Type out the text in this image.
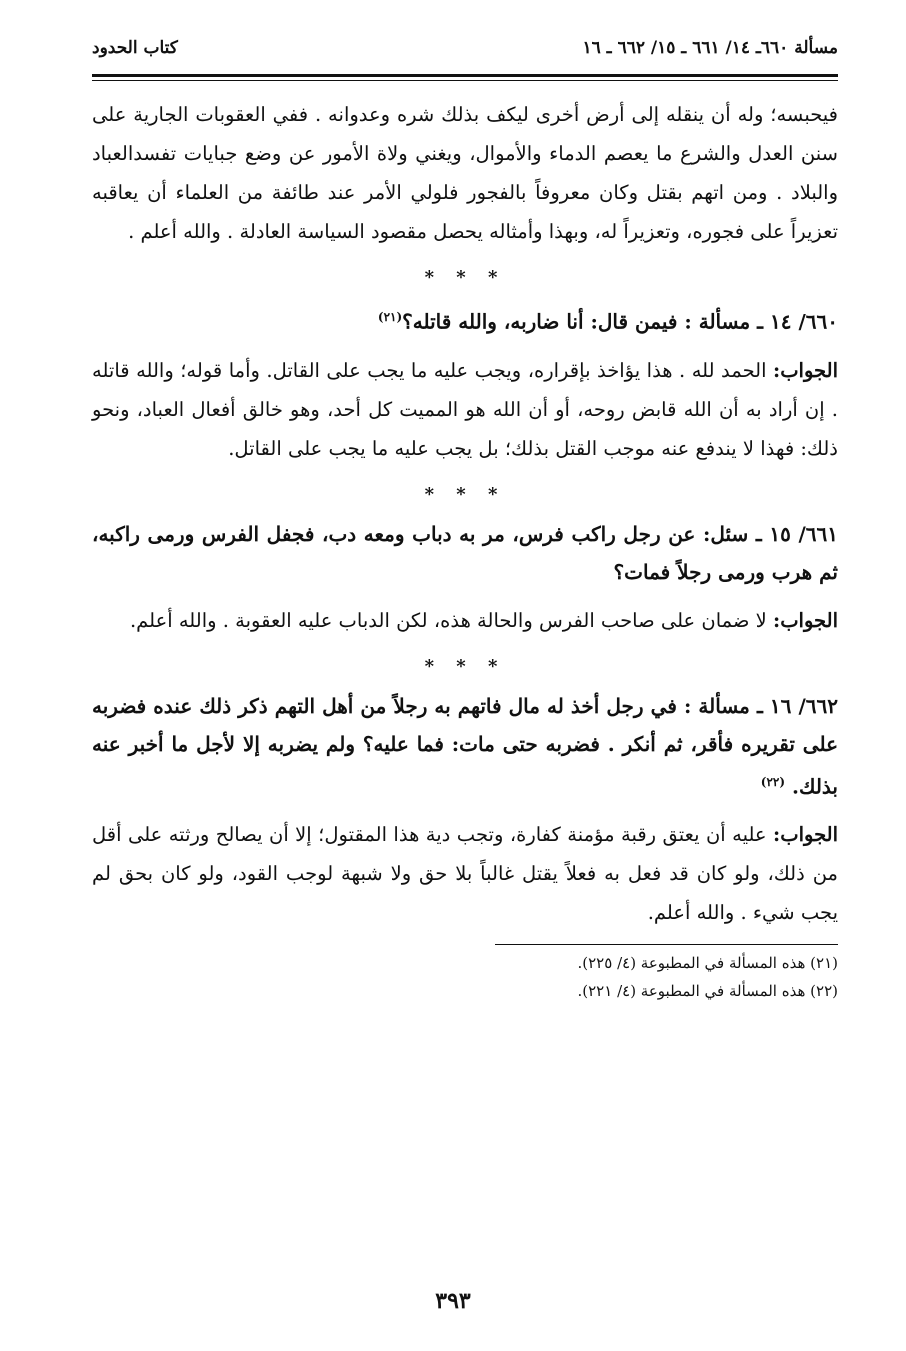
مسألة ٦٦٠ـ ١٤/ ٦٦١ ـ ١٥/ ٦٦٢ ـ ١٦
كتاب الحدود

فيحبسه؛ وله أن ينقله إلى أرض أخرى ليكف بذلك شره وعدوانه . ففي العقوبات الجارية على سنن العدل والشرع ما يعصم الدماء والأموال، ويغني ولاة الأمور عن وضع جبايات تفسدالعباد والبلاد . ومن اتهم بقتل وكان معروفاً بالفجور فلولي الأمر عند طائفة من العلماء أن يعاقبه تعزيراً على فجوره، وتعزيراً له، وبهذا وأمثاله يحصل مقصود السياسة العادلة . والله أعلم .

* * *

٦٦٠/ ١٤ ـ مسألة : فيمن قال: أنا ضاربه، والله قاتله؟$^{(٢١)}$

الجواب: الحمد لله . هذا يؤاخذ بإقراره، ويجب عليه ما يجب على القاتل. وأما قوله؛ والله قاتله . إن أراد به أن الله قابض روحه، أو أن الله هو المميت كل أحد، وهو خالق أفعال العباد، ونحو ذلك: فهذا لا يندفع عنه موجب القتل بذلك؛ بل يجب عليه ما يجب على القاتل.

* * *

٦٦١/ ١٥ ـ سئل: عن رجل راكب فرس، مر به دباب ومعه دب، فجفل الفرس ورمى راكبه، ثم هرب ورمى رجلاً فمات؟

الجواب: لا ضمان على صاحب الفرس والحالة هذه، لكن الدباب عليه العقوبة . والله أعلم.

* * *

٦٦٢/ ١٦ ـ مسألة : في رجل أخذ له مال فاتهم به رجلاً من أهل التهم ذكر ذلك عنده فضربه على تقريره فأقر، ثم أنكر . فضربه حتى مات: فما عليه؟ ولم يضربه إلا لأجل ما أخبر عنه بذلك. $^{(٢٢)}$

الجواب: عليه أن يعتق رقبة مؤمنة كفارة، وتجب دية هذا المقتول؛ إلا أن يصالح ورثته على أقل من ذلك، ولو كان قد فعل به فعلاً يقتل غالباً بلا حق ولا شبهة لوجب القود، ولو كان بحق لم يجب شيء . والله أعلم.

(٢١) هذه المسألة في المطبوعة (٤/ ٢٢٥).
(٢٢) هذه المسألة في المطبوعة (٤/ ٢٢١).
٣٩٣
